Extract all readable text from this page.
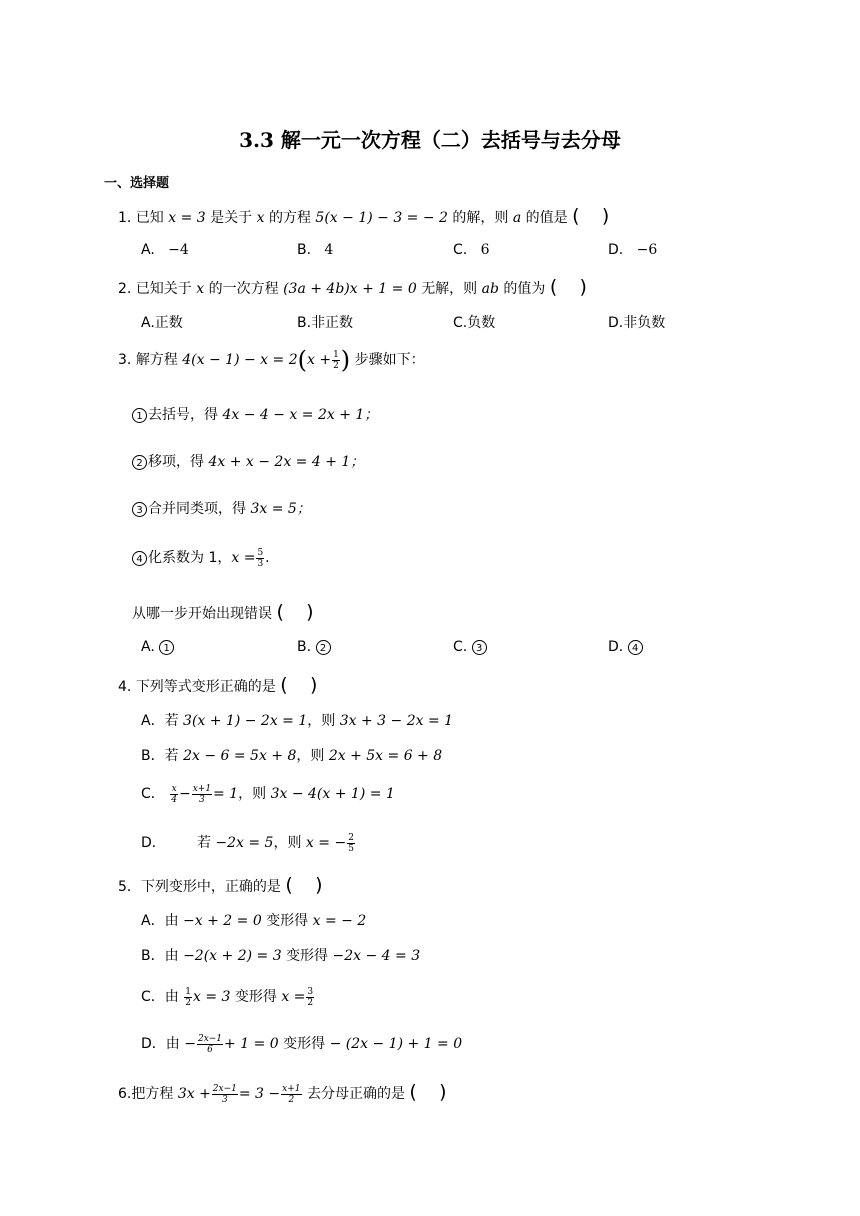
3.3 解一元一次方程（二）去括号与去分母
一、选择题
1. 已知 x = 3 是关于 x 的方程 5(x − 1) − 3 = − 2 的解，则 a 的值是 ( )
A. −4	B. 4	C. 6	D. −6
2. 已知关于 x 的一次方程 (3a + 4b)x + 1 = 0 无解，则 ab 的值为 ( )
A.正数	B.非正数	C.负数	D.非负数
3. 解方程 $4(x - 1) - x = 2(x + \frac{1}{2}$ ) 步骤如下：
1 去括号，得 4x − 4 − x = 2x + 1；
2 移项，得 4x + x − 2x = 4 + 1；
3 合并同类项，得 3x = 5；
4 化系数为 1，$x = \frac{5}{3}$ .
从哪一步开始出现错误 ( )
A. 1	B. 2	C. 3	D. 4
4. 下列等式变形正确的是 ( )
A．若 3(x + 1) − 2x = 1，则 3x + 3 − 2x = 1
B．若 2x − 6 = 5x + 8，则 2x + 5x = 6 + 8
C． $\frac{x}{4} - \frac{x+1}{3} = 1$，则 3x − 4(x + 1) = 1
D． 若 −2x = 5，则 x = − $\frac{2}{5}$
5．下列变形中，正确的是 ( )
A．由 −x + 2 = 0 变形得 x = − 2
B．由 −2(x + 2) = 3 变形得 −2x − 4 = 3
C．由 $\frac{1}{2}$ x = 3 变形得 $x = \frac{3}{2}$
D．由 − $\frac{2x-1}{6} + 1 = 0$ 变形得 − (2x − 1) + 1 = 0
6.把方程 $3x + \frac{2x-1}{3} = 3 - \frac{x+1}{2}$ 去分母正确的是 ( )
